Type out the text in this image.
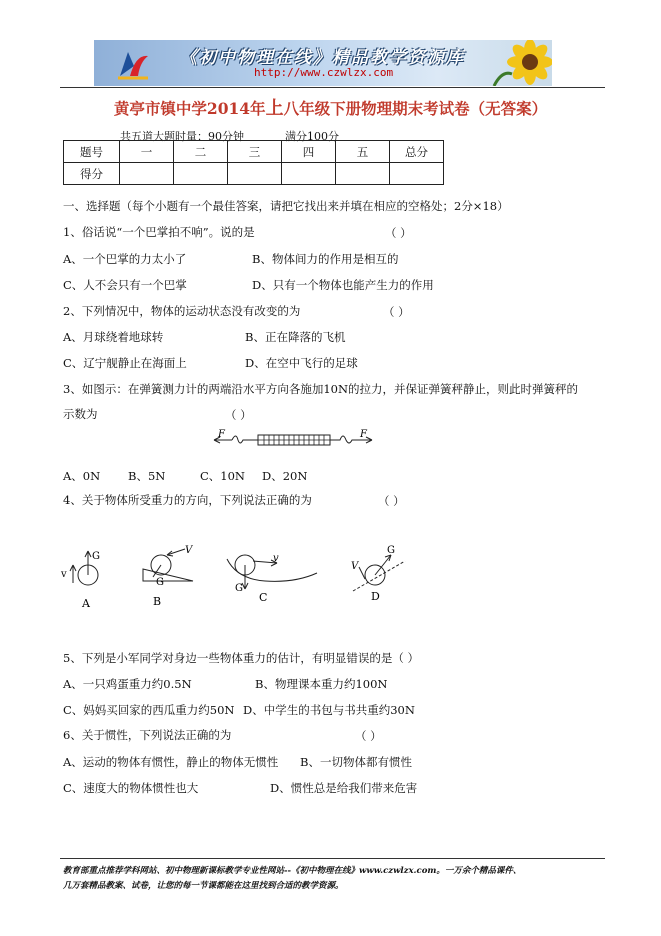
《初中物理在线》精品教学资源库
http://www.czwlzx.com
黄亭市镇中学2014年上八年级下册物理期末考试卷（无答案）
共五道大题时量：90分钟	满分100分
题号	一	二	三	四	五	总分
得分						
一、选择题（每个小题有一个最佳答案，请把它找出来并填在相应的空格处；2分×18）
1、俗话说“一个巴掌拍不响”。说的是	（ ）
A、一个巴掌的力太小了	B、物体间力的作用是相互的
C、人不会只有一个巴掌	D、只有一个物体也能产生力的作用
2、下列情况中，物体的运动状态没有改变的为	（ ）
A、月球绕着地球转	B、正在降落的飞机
C、辽宁舰静止在海面上	D、在空中飞行的足球
3、如图示：在弹簧测力计的两端沿水平方向各施加10N的拉力，并保证弹簧秤静止，则此时弹簧秤的
示数为	（ ）
F	F
A、0N B、5N	C、10N D、20N
4、关于物体所受重力的方向，下列说法正确的为	（ ）
v
G
A
V
G
B
v
G
C
V
G
D
5、下列是小军同学对身边一些物体重力的估计，有明显错误的是（ ）
A、一只鸡蛋重力约0.5N	B、物理课本重力约100N
C、妈妈买回家的西瓜重力约50N D、中学生的书包与书共重约30N
6、关于惯性，下列说法正确的为	（ ）
A、运动的物体有惯性，静止的物体无惯性 B、一切物体都有惯性
C、速度大的物体惯性也大	D、惯性总是给我们带来危害
教育部重点推荐学科网站、初中物理新课标教学专业性网站--《初中物理在线》www.czwlzx.com。一万余个精品课件、
几万套精品教案、试卷，让您的每一节课都能在这里找到合适的教学资源。
